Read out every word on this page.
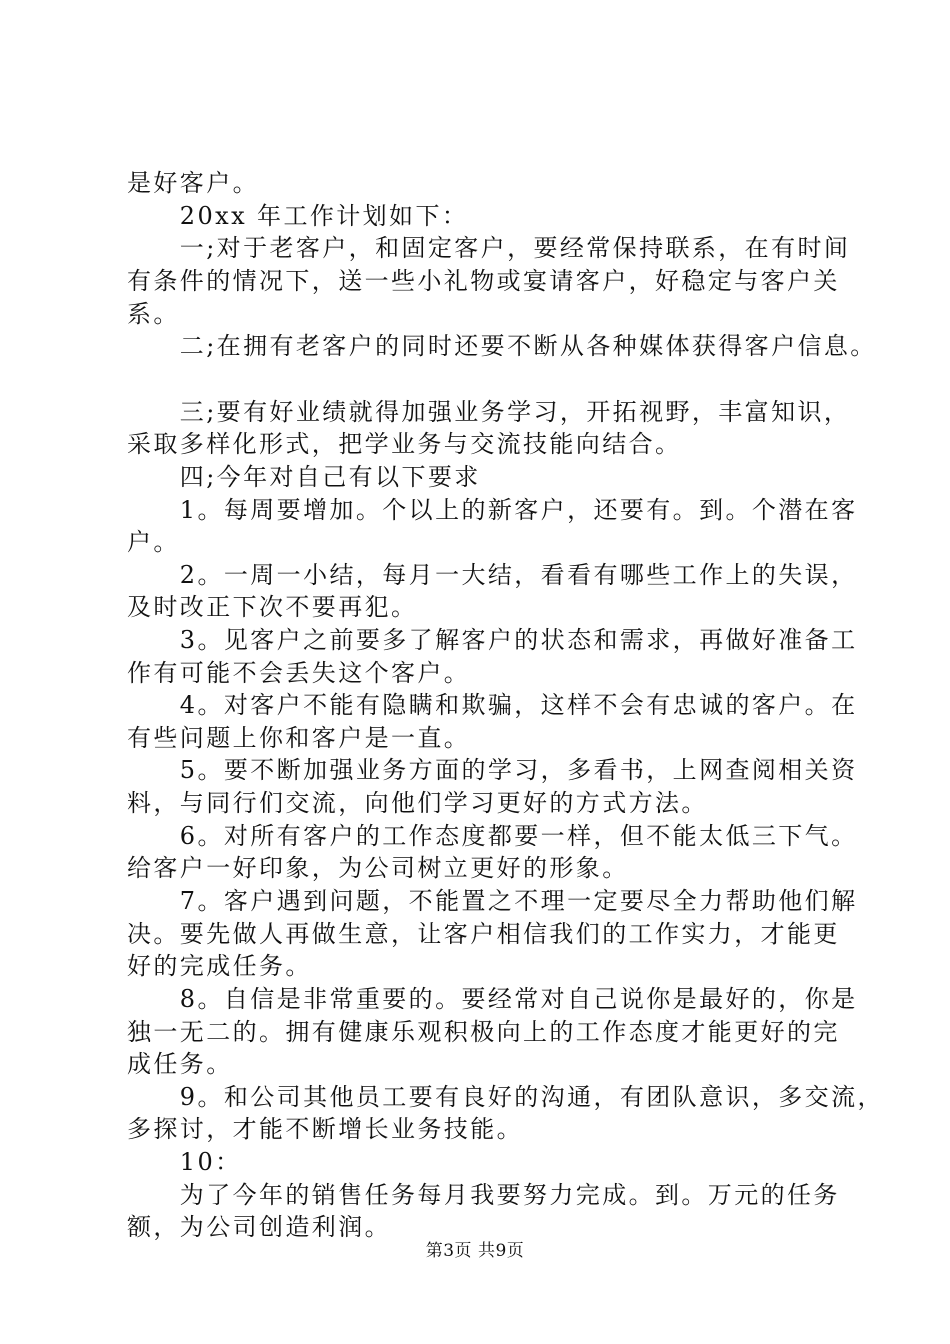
是好客户。
　　20xx 年工作计划如下：
　　一;对于老客户，和固定客户，要经常保持联系，在有时间
有条件的情况下，送一些小礼物或宴请客户，好稳定与客户关
系。
　　二;在拥有老客户的同时还要不断从各种媒体获得客户信息。
　　三;要有好业绩就得加强业务学习，开拓视野，丰富知识，
采取多样化形式，把学业务与交流技能向结合。
　　四;今年对自己有以下要求
　　1。每周要增加。个以上的新客户，还要有。到。个潜在客
户。
　　2。一周一小结，每月一大结，看看有哪些工作上的失误，
及时改正下次不要再犯。
　　3。见客户之前要多了解客户的状态和需求，再做好准备工
作有可能不会丢失这个客户。
　　4。对客户不能有隐瞒和欺骗，这样不会有忠诚的客户。在
有些问题上你和客户是一直。
　　5。要不断加强业务方面的学习，多看书，上网查阅相关资
料，与同行们交流，向他们学习更好的方式方法。
　　6。对所有客户的工作态度都要一样，但不能太低三下气。
给客户一好印象，为公司树立更好的形象。
　　7。客户遇到问题，不能置之不理一定要尽全力帮助他们解
决。要先做人再做生意，让客户相信我们的工作实力，才能更
好的完成任务。
　　8。自信是非常重要的。要经常对自己说你是最好的，你是
独一无二的。拥有健康乐观积极向上的工作态度才能更好的完
成任务。
　　9。和公司其他员工要有良好的沟通，有团队意识，多交流，
多探讨，才能不断增长业务技能。
　　10：
　　为了今年的销售任务每月我要努力完成。到。万元的任务
额，为公司创造利润。
第3页 共9页
